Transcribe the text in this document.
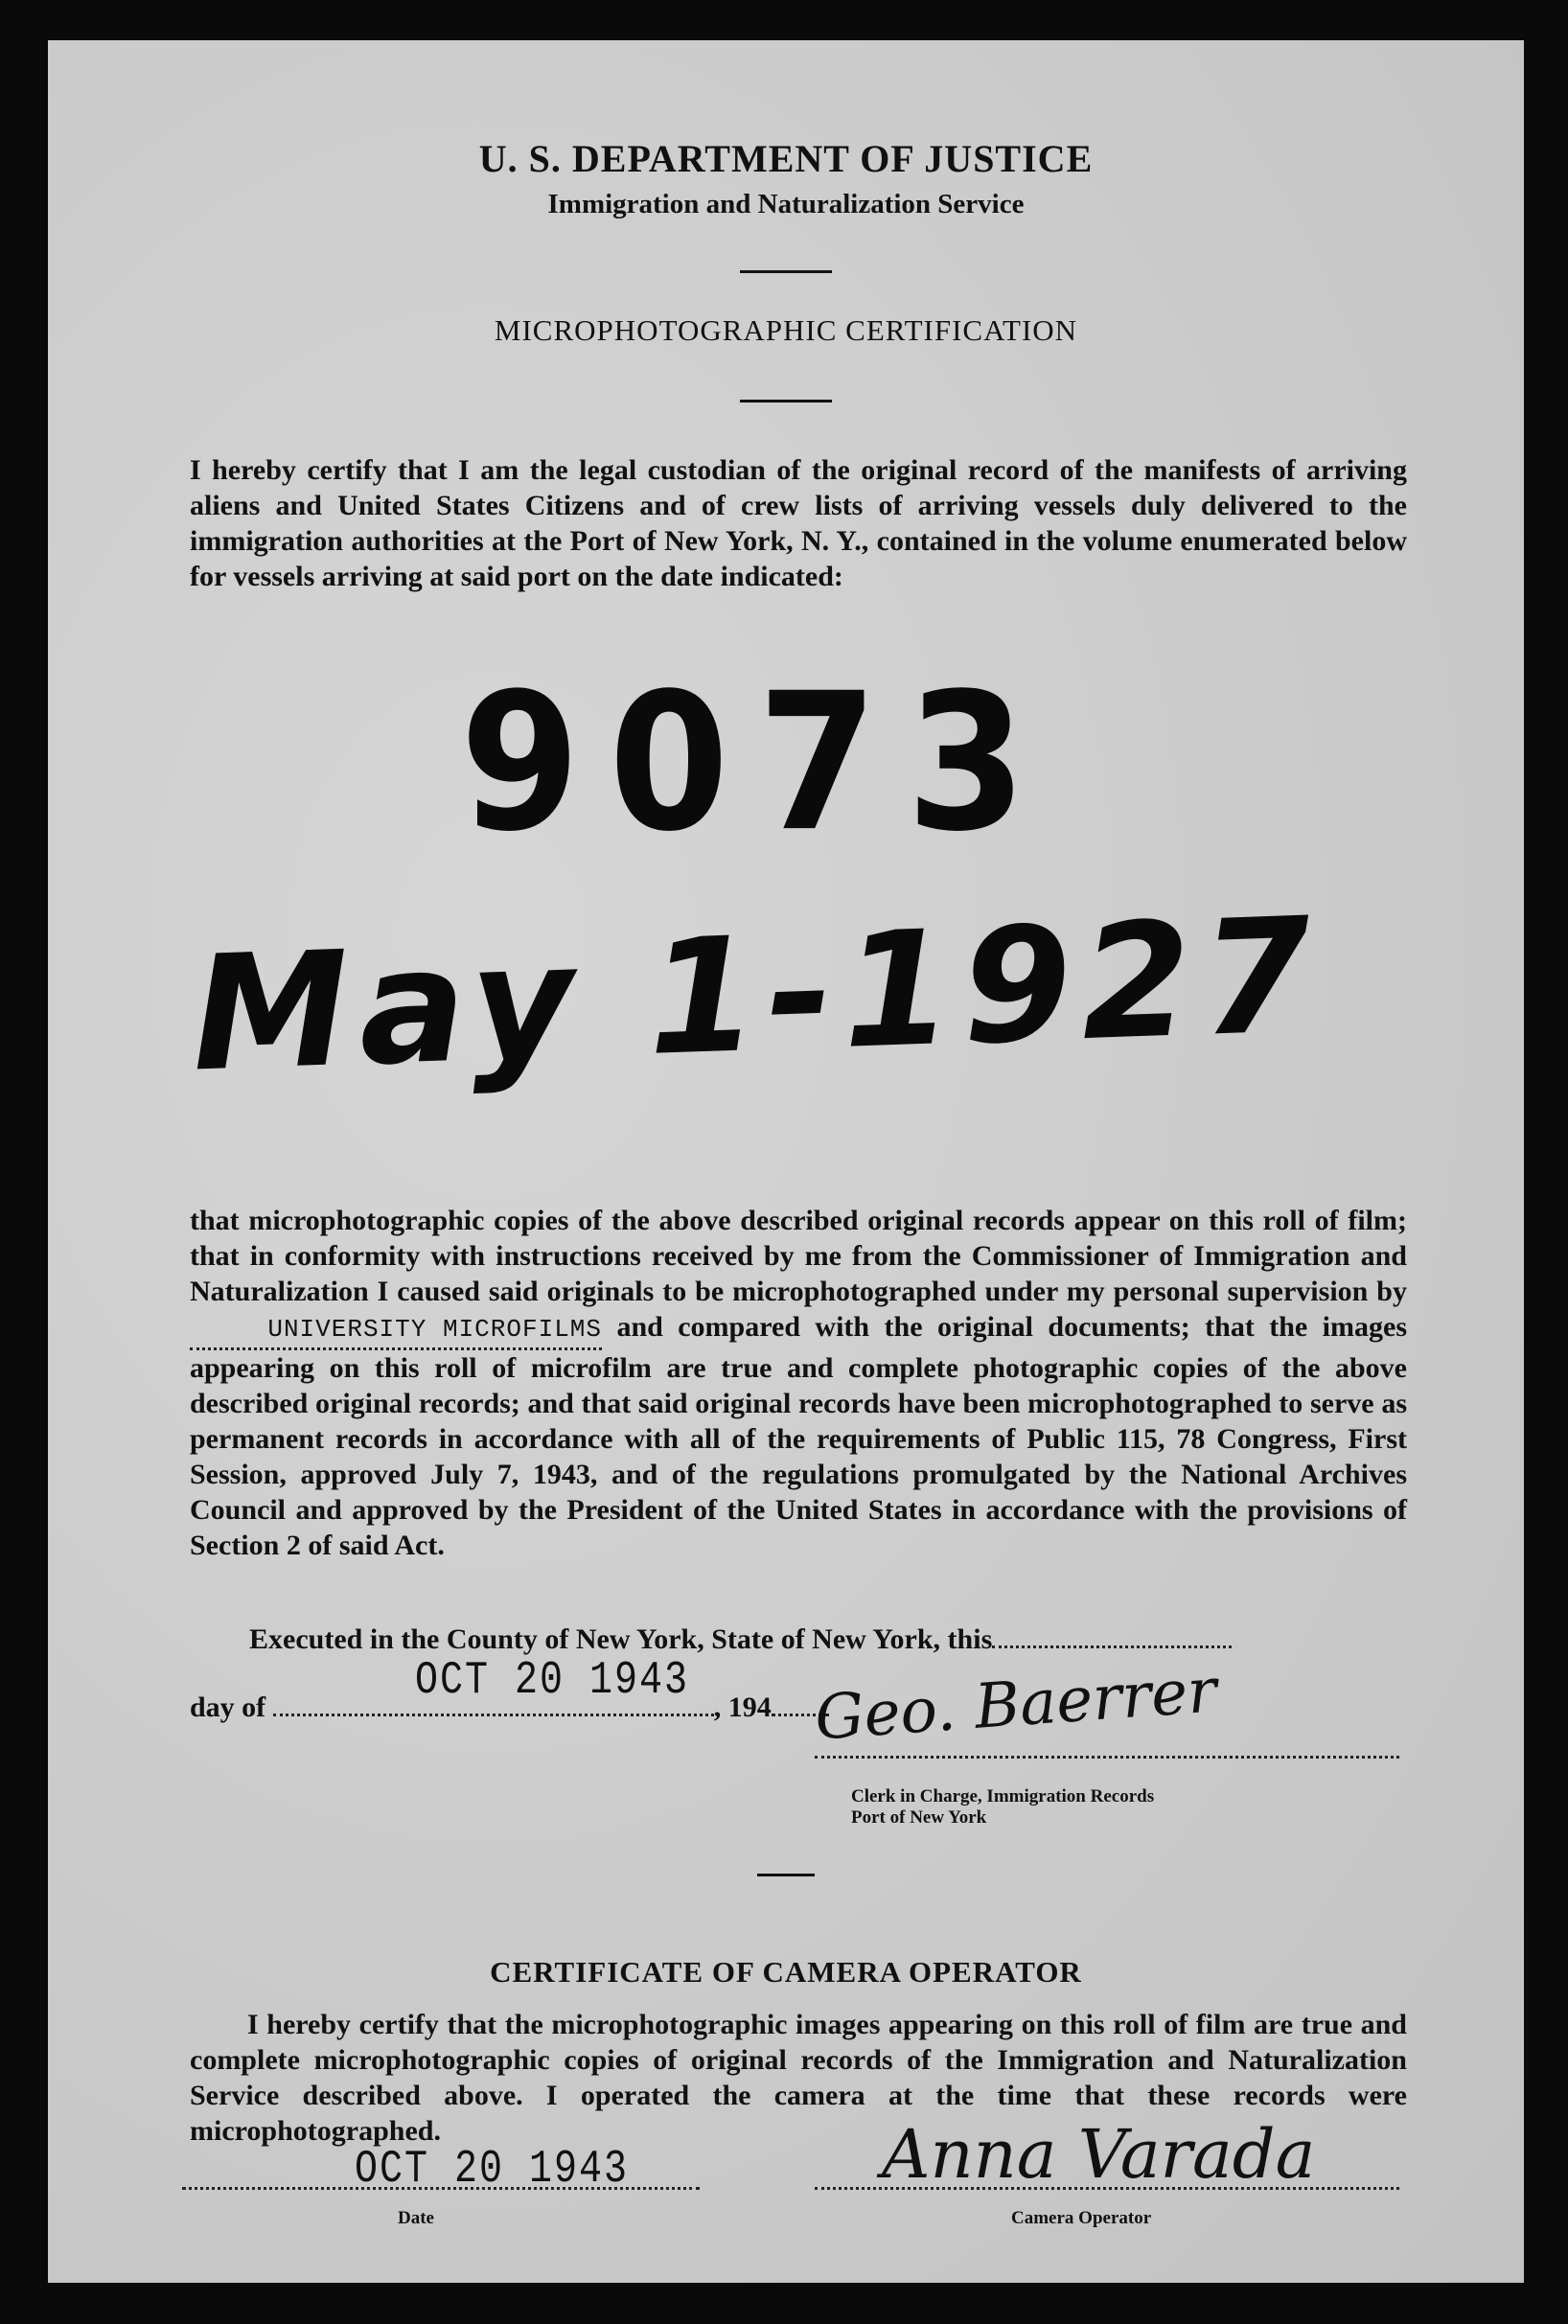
U. S. DEPARTMENT OF JUSTICE
Immigration and Naturalization Service
MICROPHOTOGRAPHIC CERTIFICATION
I hereby certify that I am the legal custodian of the original record of the manifests of arriving aliens and United States Citizens and of crew lists of arriving vessels duly delivered to the immigration authorities at the Port of New York, N. Y., contained in the volume enumerated below for vessels arriving at said port on the date indicated:
9073
May 1-1927
that microphotographic copies of the above described original records appear on this roll of film; that in conformity with instructions received by me from the Commissioner of Immigration and Naturalization I caused said originals to be microphotographed under my personal supervision by UNIVERSITY MICROFILMS and compared with the original documents; that the images appearing on this roll of microfilm are true and complete photographic copies of the above described original records; and that said original records have been microphotographed to serve as permanent records in accordance with all of the requirements of Public 115, 78 Congress, First Session, approved July 7, 1943, and of the regulations promulgated by the National Archives Council and approved by the President of the United States in accordance with the provisions of Section 2 of said Act.
Executed in the County of New York, State of New York, this
day of	, 194
OCT 20 1943 Geo. Baerrer
Clerk in Charge, Immigration Records
Port of New York
CERTIFICATE OF CAMERA OPERATOR
I hereby certify that the microphotographic images appearing on this roll of film are true and complete microphotographic copies of original records of the Immigration and Naturalization Service described above. I operated the camera at the time that these records were microphotographed.
OCT 20 1943
Date
Anna Varada
Camera Operator
